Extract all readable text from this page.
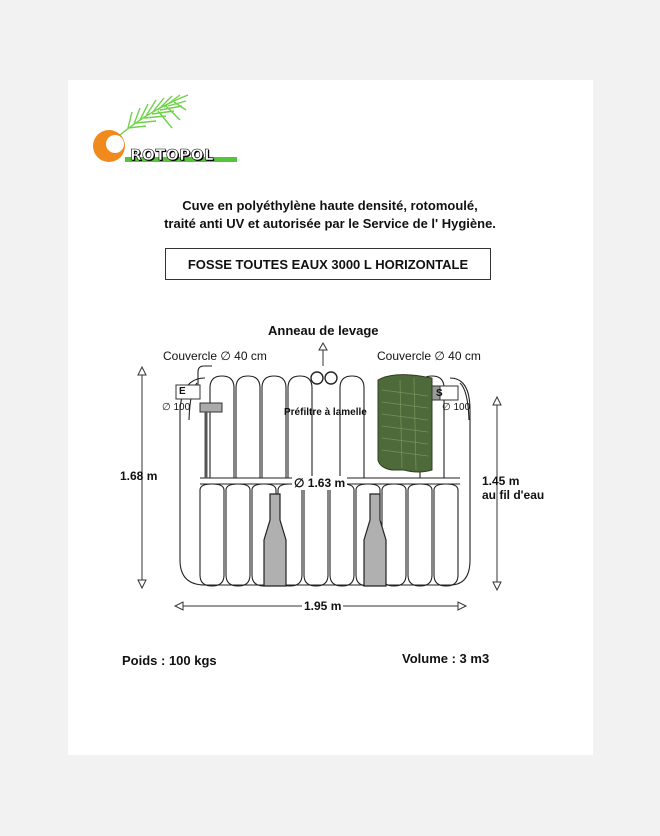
ROTOPOL
Cuve en polyéthylène haute densité, rotomoulé,
traité anti UV et autorisée par le Service de l' Hygiène.
FOSSE TOUTES EAUX 3000 L HORIZONTALE
Anneau de levage
Couvercle ∅ 40 cm	Couvercle ∅ 40 cm
E	S
∅ 100	∅ 100
Préfiltre à lamelle
∅ 1.63 m
1.68 m	1.45 m
au fil d'eau
1.95 m
Poids : 100 kgs	Volume : 3 m3
